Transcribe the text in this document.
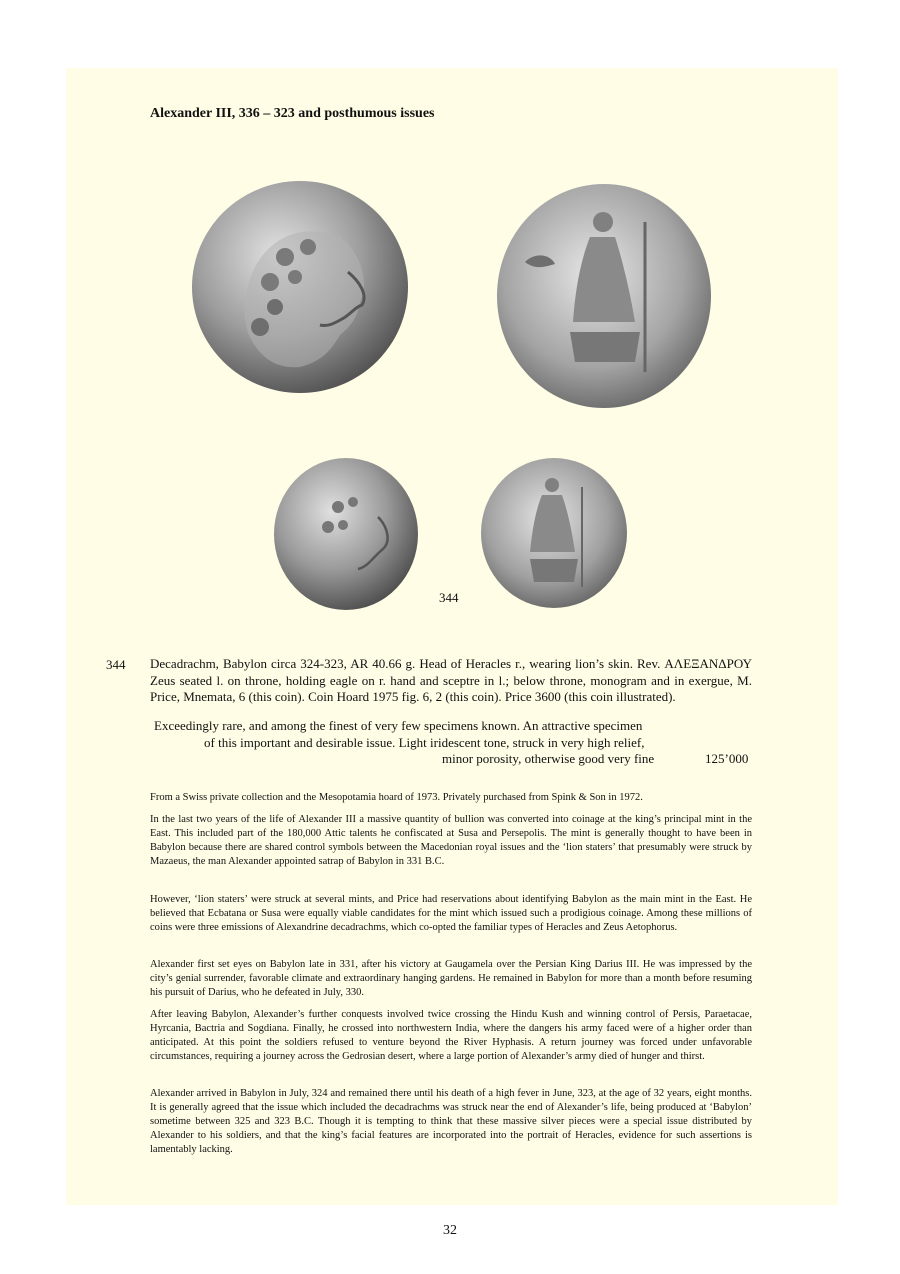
Alexander III, 336 – 323 and posthumous issues
344
344 Decadrachm, Babylon circa 324-323, AR 40.66 g. Head of Heracles r., wearing lion’s skin. Rev. ΑΛΕΞΑΝΔΡΟΥ Zeus seated l. on throne, holding eagle on r. hand and sceptre in l.; below throne, monogram and in exergue, M. Price, Mnemata, 6 (this coin). Coin Hoard 1975 fig. 6, 2 (this coin). Price 3600 (this coin illustrated).
Exceedingly rare, and among the finest of very few specimens known. An attractive specimen
of this important and desirable issue. Light iridescent tone, struck in very high relief,
minor porosity, otherwise good very fine	125’000

From a Swiss private collection and the Mesopotamia hoard of 1973. Privately purchased from Spink & Son in 1972.

In the last two years of the life of Alexander III a massive quantity of bullion was converted into coinage at the king’s principal mint in the East. This included part of the 180,000 Attic talents he confiscated at Susa and Persepolis. The mint is generally thought to have been in Babylon because there are shared control symbols between the Macedonian royal issues and the ‘lion staters’ that presumably were struck by Mazaeus, the man Alexander appointed satrap of Babylon in 331 B.C.

However, ‘lion staters’ were struck at several mints, and Price had reservations about identifying Babylon as the main mint in the East. He believed that Ecbatana or Susa were equally viable candidates for the mint which issued such a prodigious coinage. Among these millions of coins were three emissions of Alexandrine decadrachms, which co-opted the familiar types of Heracles and Zeus Aetophorus.

Alexander first set eyes on Babylon late in 331, after his victory at Gaugamela over the Persian King Darius III. He was impressed by the city’s genial surrender, favorable climate and extraordinary hanging gardens. He remained in Babylon for more than a month before resuming his pursuit of Darius, who he defeated in July, 330.

After leaving Babylon, Alexander’s further conquests involved twice crossing the Hindu Kush and winning control of Persis, Paraetacae, Hyrcania, Bactria and Sogdiana. Finally, he crossed into northwestern India, where the dangers his army faced were of a higher order than anticipated. At this point the soldiers refused to venture beyond the River Hyphasis. A return journey was forced under unfavorable circumstances, requiring a journey across the Gedrosian desert, where a large portion of Alexander’s army died of hunger and thirst.

Alexander arrived in Babylon in July, 324 and remained there until his death of a high fever in June, 323, at the age of 32 years, eight months. It is generally agreed that the issue which included the decadrachms was struck near the end of Alexander’s life, being produced at ‘Babylon’ sometime between 325 and 323 B.C. Though it is tempting to think that these massive silver pieces were a special issue distributed by Alexander to his soldiers, and that the king’s facial features are incorporated into the portrait of Heracles, evidence for such assertions is lamentably lacking.

32
